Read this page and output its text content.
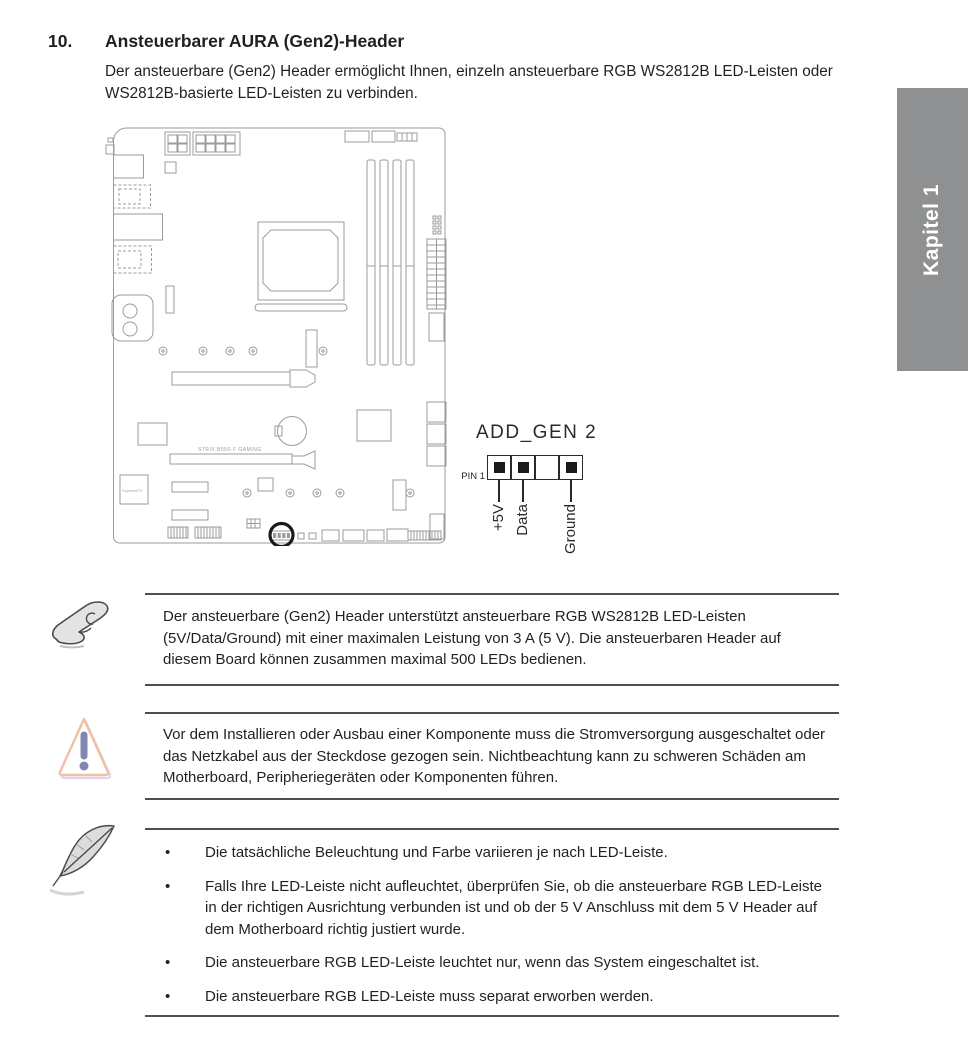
10. Ansteuerbarer AURA (Gen2)-Header

Der ansteuerbare (Gen2) Header ermöglicht Ihnen, einzeln ansteuerbare RGB WS2812B LED-Leisten oder WS2812B-basierte LED-Leisten zu verbinden.

Kapitel 1
STRIX B550-F GAMING
SupremeFX
ADD_GEN 2
PIN 1
+5V Data Ground

Der ansteuerbare (Gen2) Header unterstützt ansteuerbare RGB WS2812B LED-Leisten (5V/Data/Ground) mit einer maximalen Leistung von 3 A (5 V). Die ansteuerbaren Header auf diesem Board können zusammen maximal 500 LEDs bedienen.

Vor dem Installieren oder Ausbau einer Komponente muss die Stromversorgung ausgeschaltet oder das Netzkabel aus der Steckdose gezogen sein. Nichtbeachtung kann zu schweren Schäden am Motherboard, Peripheriegeräten oder Komponenten führen.

• Die tatsächliche Beleuchtung und Farbe variieren je nach LED-Leiste.
• Falls Ihre LED-Leiste nicht aufleuchtet, überprüfen Sie, ob die ansteuerbare RGB LED-Leiste in der richtigen Ausrichtung verbunden ist und ob der 5 V Anschluss mit dem 5 V Header auf dem Motherboard richtig justiert wurde.
• Die ansteuerbare RGB LED-Leiste leuchtet nur, wenn das System eingeschaltet ist.
• Die ansteuerbare RGB LED-Leiste muss separat erworben werden.
